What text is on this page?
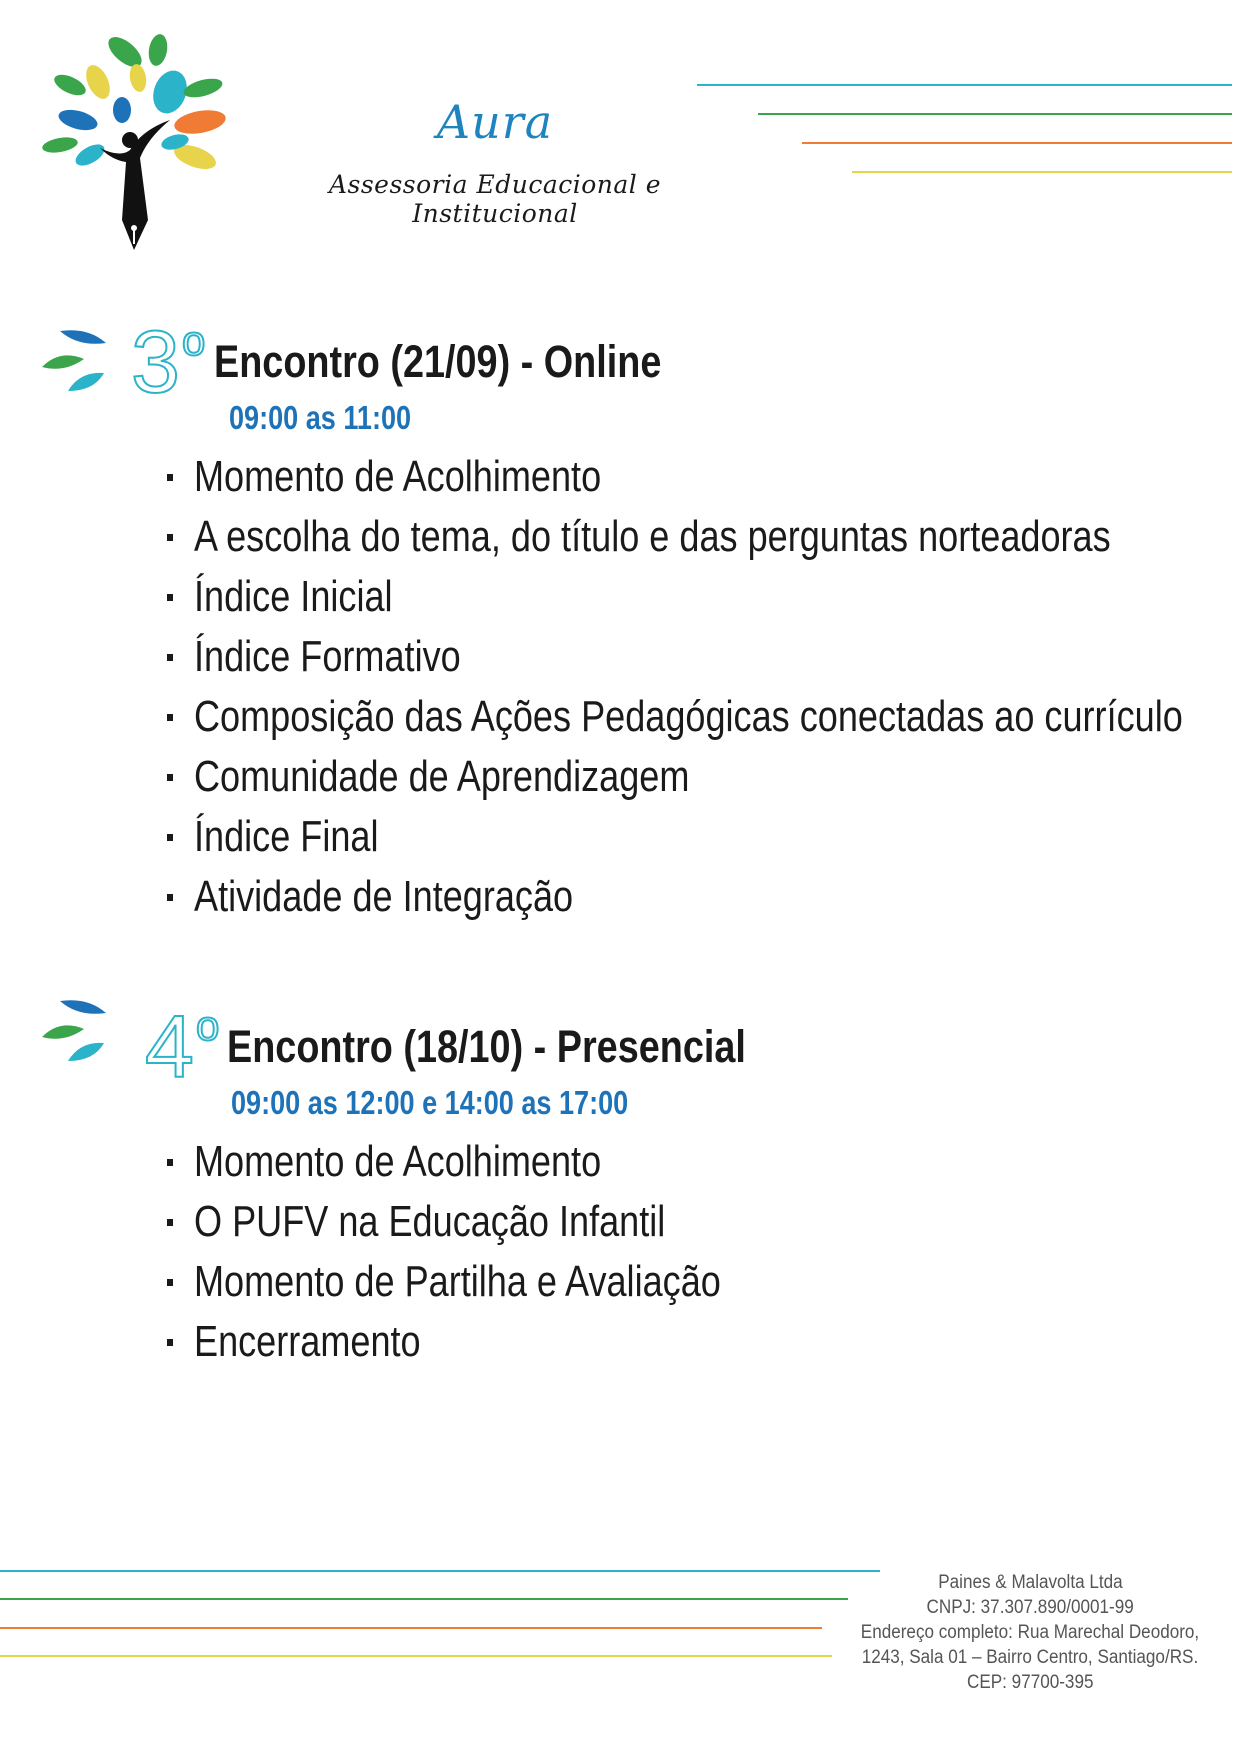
Aura
Assessoria Educacional e Institucional
3$^o$ Encontro (21/09) - Online
09:00 as 11:00
Momento de Acolhimento
A escolha do tema, do título e das perguntas norteadoras
Índice Inicial
Índice Formativo
Composição das Ações Pedagógicas conectadas ao currículo
Comunidade de Aprendizagem
Índice Final
Atividade de Integração
4$^o$ Encontro (18/10) - Presencial
09:00 as 12:00 e 14:00 as 17:00
Momento de Acolhimento
O PUFV na Educação Infantil
Momento de Partilha e Avaliação
Encerramento
Paines & Malavolta Ltda
CNPJ: 37.307.890/0001-99
Endereço completo: Rua Marechal Deodoro,
1243, Sala 01 – Bairro Centro, Santiago/RS.
CEP: 97700-395
